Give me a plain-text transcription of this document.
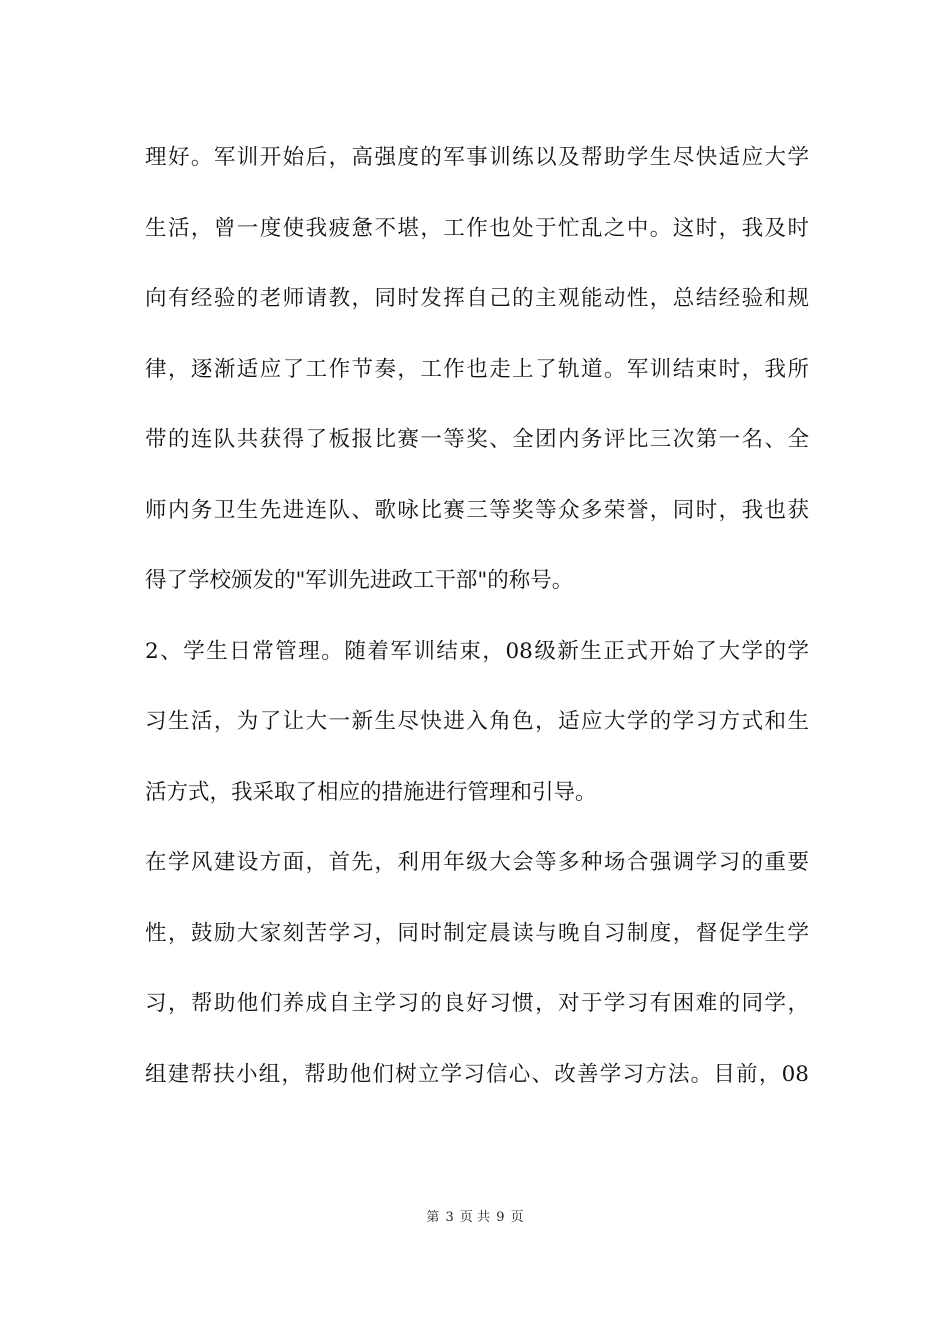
理好。军训开始后，高强度的军事训练以及帮助学生尽快适应大学
生活，曾一度使我疲惫不堪，工作也处于忙乱之中。这时，我及时
向有经验的老师请教，同时发挥自己的主观能动性，总结经验和规
律，逐渐适应了工作节奏，工作也走上了轨道。军训结束时，我所
带的连队共获得了板报比赛一等奖、全团内务评比三次第一名、全
师内务卫生先进连队、歌咏比赛三等奖等众多荣誉，同时，我也获
得了学校颁发的"军训先进政工干部"的称号。
2、学生日常管理。随着军训结束，08级新生正式开始了大学的学
习生活，为了让大一新生尽快进入角色，适应大学的学习方式和生
活方式，我采取了相应的措施进行管理和引导。
在学风建设方面，首先，利用年级大会等多种场合强调学习的重要
性，鼓励大家刻苦学习，同时制定晨读与晚自习制度，督促学生学
习，帮助他们养成自主学习的良好习惯，对于学习有困难的同学，
组建帮扶小组，帮助他们树立学习信心、改善学习方法。目前，08
第 3 页 共 9 页
